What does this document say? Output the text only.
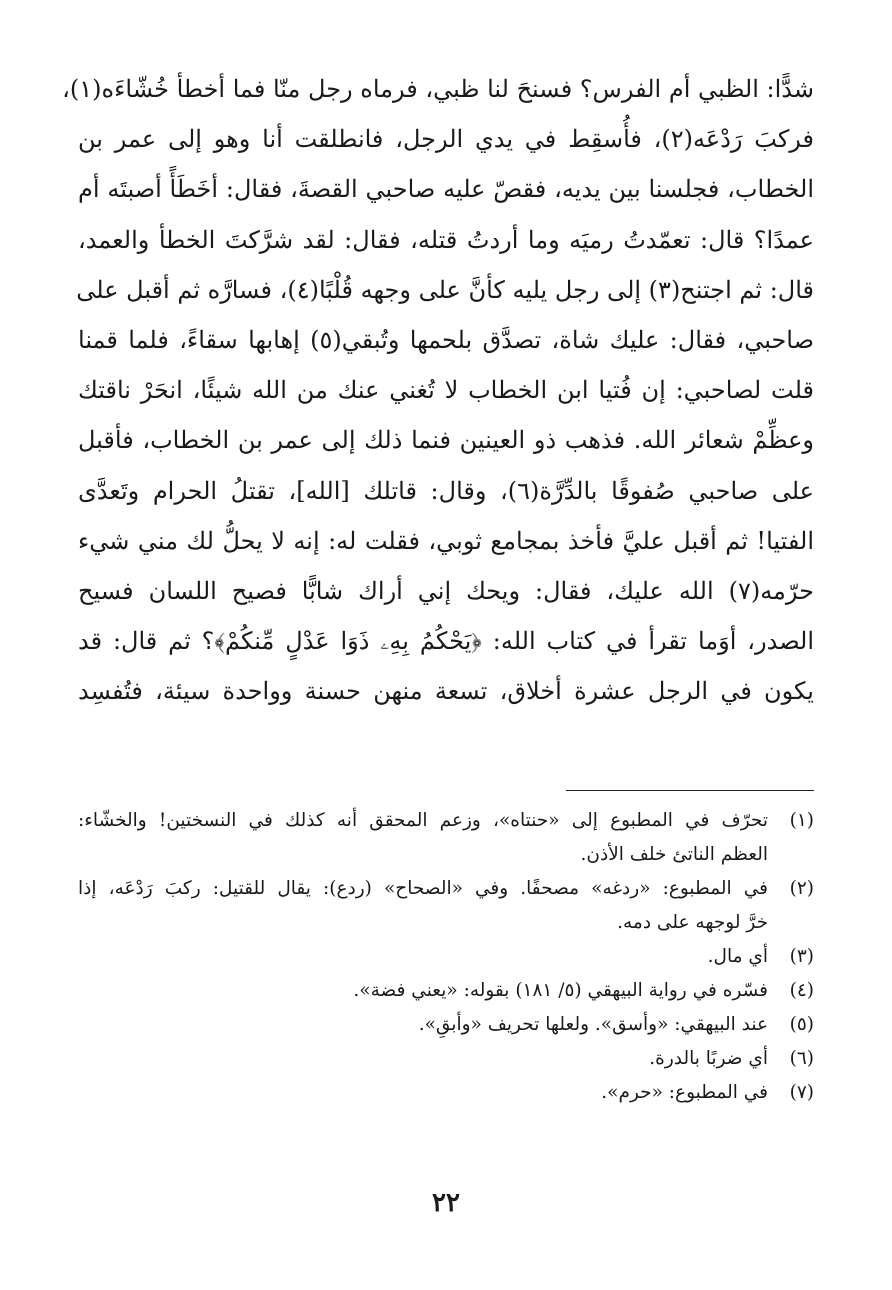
شدًّا: الظبي أم الفرس؟ فسنحَ لنا ظبي، فرماه رجل منّا فما أخطأ خُشّاءَه(١)،
فركبَ رَدْعَه(٢)، فأُسقِط في يدي الرجل، فانطلقت أنا وهو إلى عمر بن
الخطاب، فجلسنا بين يديه، فقصّ عليه صاحبي القصةَ، فقال: أخَطَأً أصبتَه أم
عمدًا؟ قال: تعمّدتُ رميَه وما أردتُ قتله، فقال: لقد شرَّكتَ الخطأ والعمد،
قال: ثم اجتنح(٣) إلى رجل يليه كأنَّ على وجهه قُلْبًا(٤)، فسارَّه ثم أقبل على
صاحبي، فقال: عليك شاة، تصدَّق بلحمها وتُبقي(٥) إهابها سقاءً، فلما قمنا
قلت لصاحبي: إن فُتيا ابن الخطاب لا تُغني عنك من الله شيئًا، انحَرْ ناقتك
وعظِّمْ شعائر الله. فذهب ذو العينين فنما ذلك إلى عمر بن الخطاب، فأقبل
على صاحبي صُفوقًا بالدِّرَّة(٦)، وقال: قاتلك [الله]، تقتلُ الحرام وتَعدَّى
الفتيا! ثم أقبل عليَّ فأخذ بمجامع ثوبي، فقلت له: إنه لا يحلُّ لك مني شيء
حرّمه(٧) الله عليك، فقال: ويحك إني أراك شابًّا فصيح اللسان فسيح
الصدر، أوَما تقرأ في كتاب الله: ﴿يَحْكُمُ بِهِۦ ذَوَا عَدْلٍ مِّنكُمْ﴾؟ ثم قال: قد
يكون في الرجل عشرة أخلاق، تسعة منهن حسنة وواحدة سيئة، فتُفسِد
(١)
تحرّف في المطبوع إلى «حنتاه»، وزعم المحقق أنه كذلك في النسختين! والخشّاء:
العظم الناتئ خلف الأذن.
(٢)
في المطبوع: «ردغه» مصحفًا. وفي «الصحاح» (ردع): يقال للقتيل: ركبَ رَدْعَه، إذا
خرَّ لوجهه على دمه.
(٣)
أي مال.
(٤)
فسّره في رواية البيهقي (٥/ ١٨١) بقوله: «يعني فضة».
(٥)
عند البيهقي: «وأسق». ولعلها تحريف «وأبقِ».
(٦)
أي ضربًا بالدرة.
(٧)
في المطبوع: «حرم».
٢٢
